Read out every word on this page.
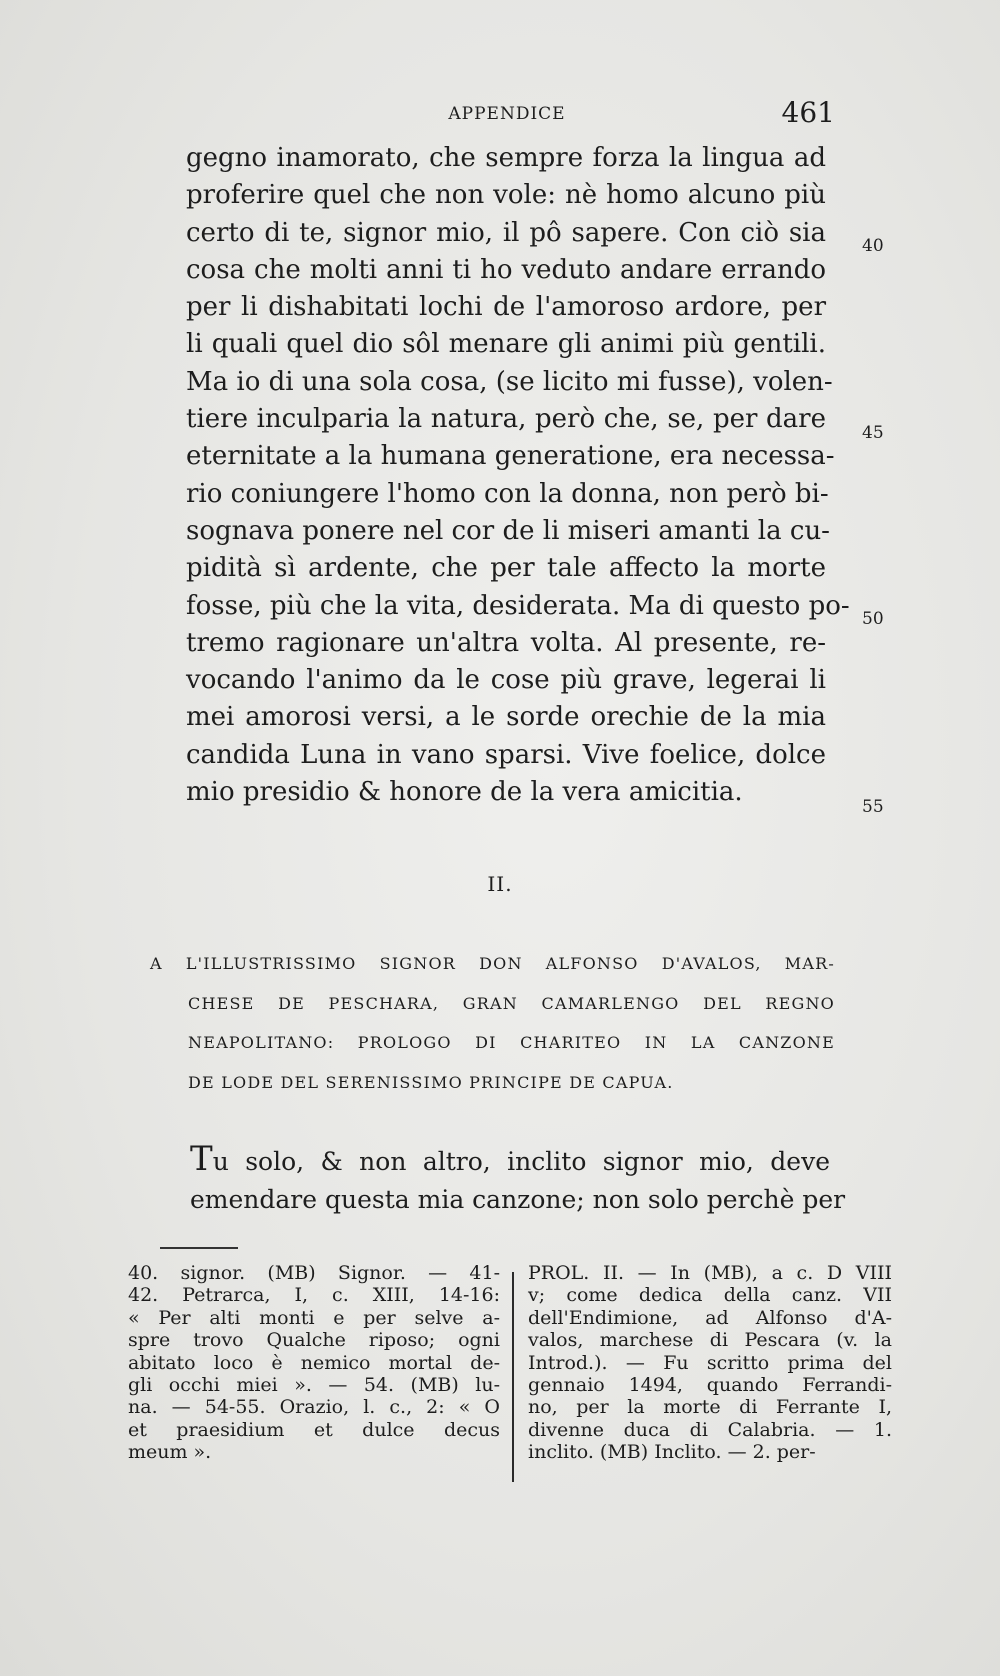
APPENDICE	461
gegno inamorato, che sempre forza la lingua ad
proferire quel che non vole: nè homo alcuno più
certo di te, signor mio, il pô sapere. Con ciò sia
cosa che molti anni ti ho veduto andare errando
per li dishabitati lochi de l'amoroso ardore, per
li quali quel dio sôl menare gli animi più gentili.
Ma io di una sola cosa, (se licito mi fusse), volen-
tiere inculparia la natura, però che, se, per dare
eternitate a la humana generatione, era necessa-
rio coniungere l'homo con la donna, non però bi-
sognava ponere nel cor de li miseri amanti la cu-
pidità sì ardente, che per tale affecto la morte
fosse, più che la vita, desiderata. Ma di questo po-
tremo ragionare un'altra volta. Al presente, re-
vocando l'animo da le cose più grave, legerai li
mei amorosi versi, a le sorde orechie de la mia
candida Luna in vano sparsi. Vive foelice, dolce
mio presidio & honore de la vera amicitia.
40
45
50
55
II.
A L'ILLUSTRISSIMO SIGNOR DON ALFONSO D'AVALOS, MAR-
CHESE DE PESCHARA, GRAN CAMARLENGO DEL REGNO
NEAPOLITANO: PROLOGO DI CHARITEO IN LA CANZONE
DE LODE DEL SERENISSIMO PRINCIPE DE CAPUA.
Tu solo, & non altro, inclito signor mio, deve
emendare questa mia canzone; non solo perchè per
40. signor. (MB) Signor. — 41-
42. Petrarca, I, c. XIII, 14-16:
« Per alti monti e per selve a-
spre trovo Qualche riposo; ogni
abitato loco è nemico mortal de-
gli occhi miei ». — 54. (MB) lu-
na. — 54-55. Orazio, l. c., 2: « O
et praesidium et dulce decus
meum ».
PROL. II. — In (MB), a c. D VIII
v; come dedica della canz. VII
dell'Endimione, ad Alfonso d'A-
valos, marchese di Pescara (v. la
Introd.). — Fu scritto prima del
gennaio 1494, quando Ferrandi-
no, per la morte di Ferrante I,
divenne duca di Calabria. — 1.
inclito. (MB) Inclito. — 2. per-
